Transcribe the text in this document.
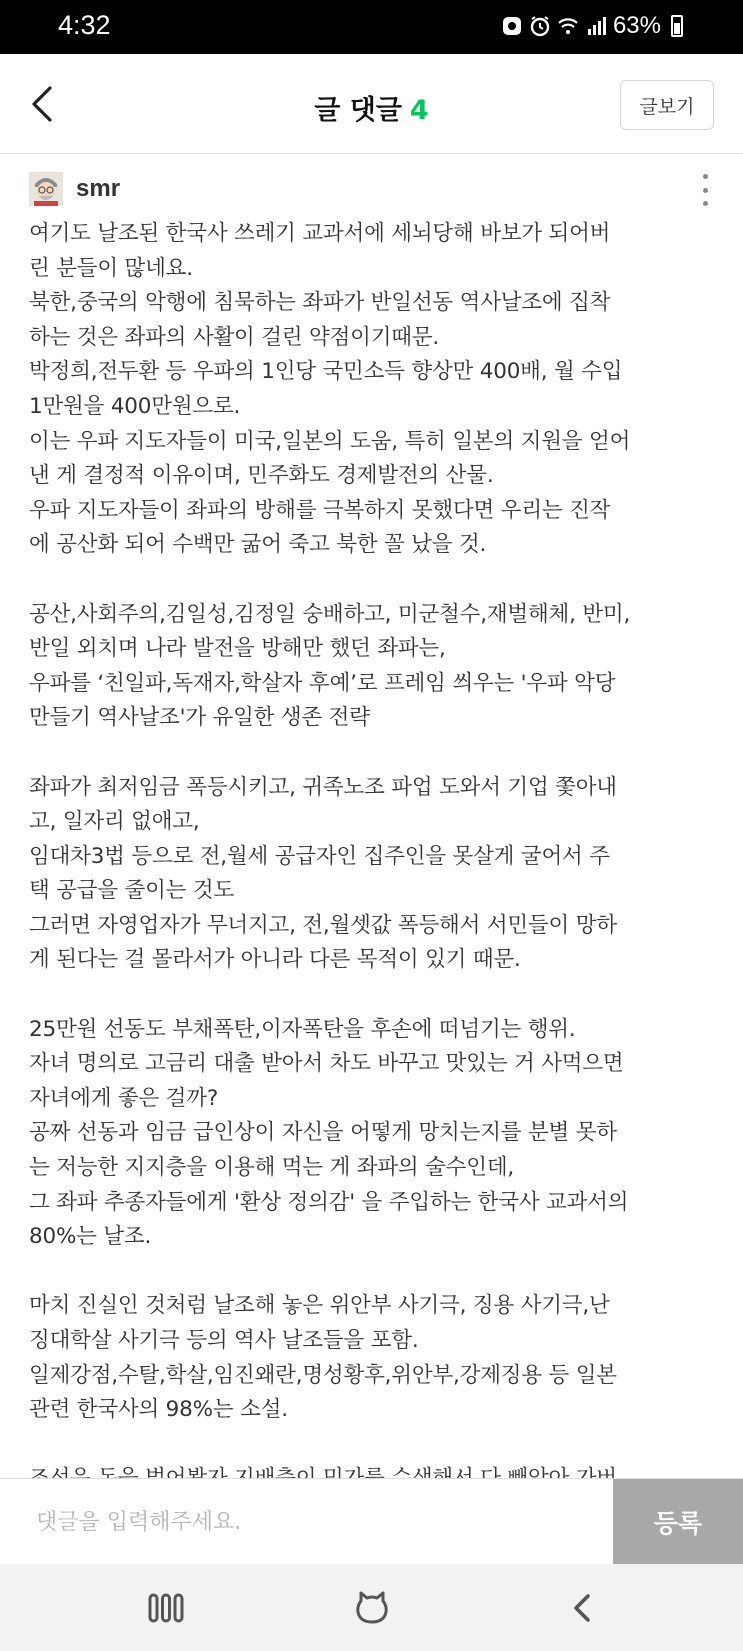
4:32	63%
글 댓글 4	글보기
smr
여기도 날조된 한국사 쓰레기 교과서에 세뇌당해 바보가 되어버
린 분들이 많네요.
북한,중국의 악행에 침묵하는 좌파가 반일선동 역사날조에 집착
하는 것은 좌파의 사활이 걸린 약점이기때문.
박정희,전두환 등 우파의 1인당 국민소득 향상만 400배, 월 수입
1만원을 400만원으로.
이는 우파 지도자들이 미국,일본의 도움, 특히 일본의 지원을 얻어
낸 게 결정적 이유이며, 민주화도 경제발전의 산물.
우파 지도자들이 좌파의 방해를 극복하지 못했다면 우리는 진작
에 공산화 되어 수백만 굶어 죽고 북한 꼴 났을 것.
공산,사회주의,김일성,김정일 숭배하고, 미군철수,재벌해체, 반미,
반일 외치며 나라 발전을 방해만 했던 좌파는,
우파를 ‘친일파,독재자,학살자 후예’로 프레임 씌우는 '우파 악당
만들기 역사날조'가 유일한 생존 전략
좌파가 최저임금 폭등시키고, 귀족노조 파업 도와서 기업 쫓아내
고, 일자리 없애고,
임대차3법 등으로 전,월세 공급자인 집주인을 못살게 굴어서 주
택 공급을 줄이는 것도
그러면 자영업자가 무너지고, 전,월셋값 폭등해서 서민들이 망하
게 된다는 걸 몰라서가 아니라 다른 목적이 있기 때문.
25만원 선동도 부채폭탄,이자폭탄을 후손에 떠넘기는 행위.
자녀 명의로 고금리 대출 받아서 차도 바꾸고 맛있는 거 사먹으면
자녀에게 좋은 걸까?
공짜 선동과 임금 급인상이 자신을 어떻게 망치는지를 분별 못하
는 저능한 지지층을 이용해 먹는 게 좌파의 술수인데,
그 좌파 추종자들에게 '환상 정의감' 을 주입하는 한국사 교과서의
80%는 날조.
마치 진실인 것처럼 날조해 놓은 위안부 사기극, 징용 사기극,난
징대학살 사기극 등의 역사 날조들을 포함.
일제강점,수탈,학살,임진왜란,명성황후,위안부,강제징용 등 일본
관련 한국사의 98%는 소설.
댓글을 입력해주세요.
등록
